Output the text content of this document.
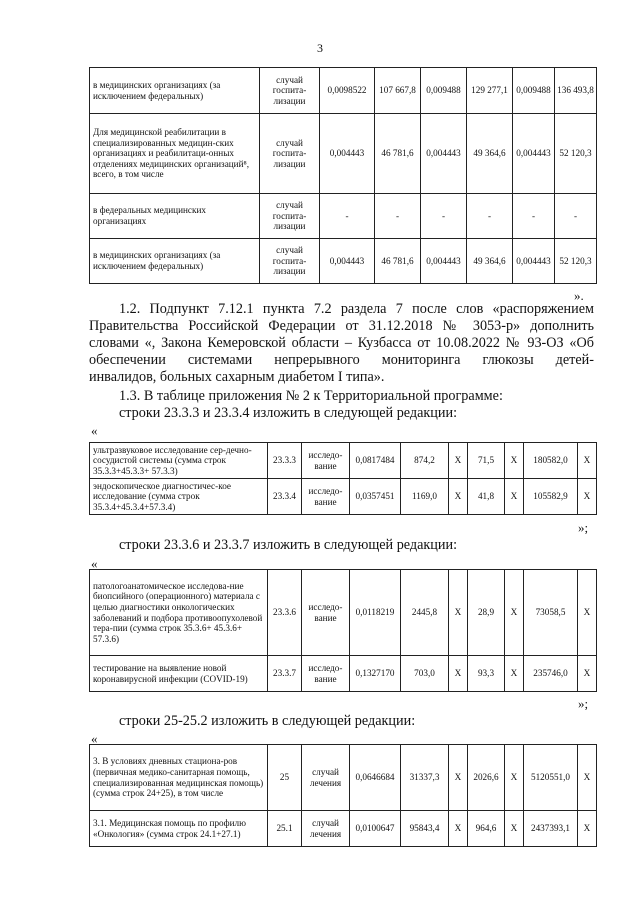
3
в медицинских организациях (за исключением федеральных)	случай госпита-лизации	0,0098522	107 667,8	0,009488	129 277,1	0,009488	136 493,8
Для медицинской реабилитации в специализированных медицин-ских организациях и реабилитаци-онных отделениях медицинских организаций⁸, всего, в том числе	случай госпита-лизации	0,004443	46 781,6	0,004443	49 364,6	0,004443	52 120,3
в федеральных медицинских организациях	случай госпита-лизации	-	-	-	-	-	-
в медицинских организациях (за исключением федеральных)	случай госпита-лизации	0,004443	46 781,6	0,004443	49 364,6	0,004443	52 120,3
».
1.2. Подпункт 7.12.1 пункта 7.2 раздела 7 после слов «распоряжением
Правительства Российской Федерации от 31.12.2018 № 3053-р» дополнить
словами «, Закона Кемеровской области – Кузбасса от 10.08.2022 № 93-ОЗ «Об
обеспечении системами непрерывного мониторинга глюкозы детей-
инвалидов, больных сахарным диабетом I типа».
1.3. В таблице приложения № 2 к Территориальной программе:
строки 23.3.3 и 23.3.4 изложить в следующей редакции:
«
ультразвуковое исследование сер-дечно-сосудистой системы (сумма строк 35.3.3+45.3.3+ 57.3.3)	23.3.3	исследо-вание	0,0817484	874,2	X	71,5	X	180582,0	X
эндоскопическое диагностичес-кое исследование (сумма строк 35.3.4+45.3.4+57.3.4)	23.3.4	исследо-вание	0,0357451	1169,0	X	41,8	X	105582,9	X
»;
строки 23.3.6 и 23.3.7 изложить в следующей редакции:
«
патологоанатомическое исследова-ние биопсийного (операционного) материала с целью диагностики онкологических заболеваний и подбора противоопухолевой тера-пии (сумма строк 35.3.6+ 45.3.6+ 57.3.6)	23.3.6	исследо-вание	0,0118219	2445,8	X	28,9	X	73058,5	X
тестирование на выявление новой коронавирусной инфекции (COVID-19)	23.3.7	исследо-вание	0,1327170	703,0	X	93,3	X	235746,0	X
»;
строки 25-25.2 изложить в следующей редакции:
«
3. В условиях дневных стациона-ров (первичная медико-санитарная помощь, специализированная медицинская помощь) (сумма строк 24+25), в том числе	25	случай лечения	0,0646684	31337,3	X	2026,6	X	5120551,0	X
3.1. Медицинская помощь по профилю «Онкология» (сумма строк 24.1+27.1)	25.1	случай лечения	0,0100647	95843,4	X	964,6	X	2437393,1	X
